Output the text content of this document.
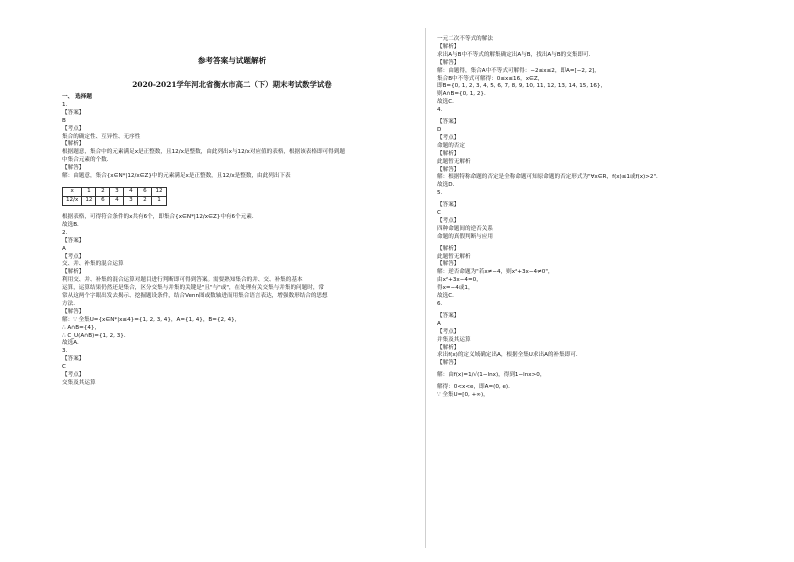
参考答案与试题解析
2020-2021学年河北省衡水市高二（下）期末考试数学试卷
一、 选择题
1.
【答案】
B
【考点】
集合的确定性、互异性、无序性
【解析】
根据题意，集合中的元素满足x是正整数，且12/x是整数，由此列出x与12/x对应值的表格，根据该表格即可得到题
中集合元素的个数．
【解答】
解：由题意，集合{x∈N*|12/x∈Z}中的元素满足x是正整数，且12/x是整数，由此列出下表
x	1	2	3	4	6	12
12/x	12	6	4	3	2	1
根据表格，可得符合条件的x共有6个，即集合{x∈N*|12/x∈Z}中有6个元素．
故选B．
2.
【答案】
A
【考点】
交、并、补集的混合运算
【解析】
利用交、并、补集的混合运算对题目进行判断即可得到答案。需要熟知集合的并、交、补集的基本
运算，运算结果仍然还是集合，区分交集与并集的关键是"且"与"或"，在处理有关交集与并集的问题时，常
常从这两个字眼出发去揭示、挖掘题设条件，结合Venn图或数轴进而用集合语言表达，增强数形结合的思想
方法．
【解答】
解：∵ 全集U={x∈N*|x≤4}={1, 2, 3, 4}，A={1, 4}，B={2, 4}，
∴ A∩B={4}，
∴ C_U(A∩B)={1, 2, 3}．
故选A．
3.
【答案】
C
【考点】
交集及其运算
一元二次不等式的解法
【解析】
求出A与B中不等式的解集确定出A与B，找出A与B的交集即可．
【解答】
解：由题得，集合A中不等式可解得：−2≤x≤2，即A=[−2, 2]，
集合B中不等式可解得：0≤x≤16，x∈Z，
即B={0, 1, 2, 3, 4, 5, 6, 7, 8, 9, 10, 11, 12, 13, 14, 15, 16}，
则A∩B={0, 1, 2}．
故选C．
4.
【答案】
D
【考点】
命题的否定
【解析】
此题暂无解析
【解答】
解：根据特称命题的否定是全称命题可知原命题的否定形式为"∀x∈R，f(x)≤1或f(x)>2"．
故选D．
5.
【答案】
C
【考点】
四种命题间的逆否关系
命题的真假判断与应用
【解析】
此题暂无解析
【解答】
解：逆否命题为"若x≠−4，则x²+3x−4≠0"，
由x²+3x−4=0，
得x=−4或1，
故选C．
6.
【答案】
A
【考点】
并集及其运算
【解析】
求出f(x)的定义域确定出A，根据全集U求出A的补集即可．
【解答】
解：由f(x)=1/√(1−lnx)，得到1−lnx>0，
解得：0<x<e，即A=(0, e)．
∵ 全集U=[0, +∞)，
